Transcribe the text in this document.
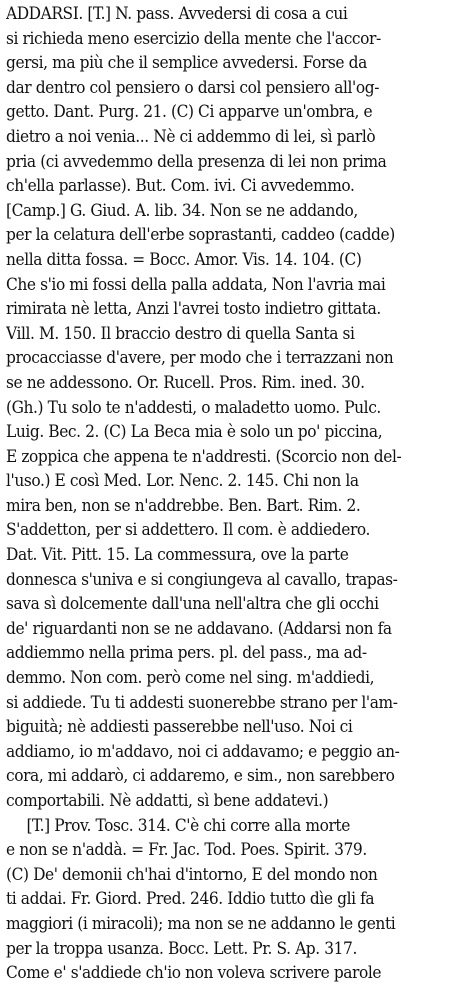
ADDARSI. [T.] N. pass. Avvedersi di cosa a cui
si richieda meno esercizio della mente che l'accor-
gersi, ma più che il semplice avvedersi. Forse da
dar dentro col pensiero o darsi col pensiero all'og-
getto. Dant. Purg. 21. (C) Ci apparve un'ombra, e
dietro a noi venia... Nè ci addemmo di lei, sì parlò
pria (ci avvedemmo della presenza di lei non prima
ch'ella parlasse). But. Com. ivi. Ci avvedemmo.
[Camp.] G. Giud. A. lib. 34. Non se ne addando,
per la celatura dell'erbe soprastanti, caddeo (cadde)
nella ditta fossa. = Bocc. Amor. Vis. 14. 104. (C)
Che s'io mi fossi della palla addata, Non l'avria mai
rimirata nè letta, Anzi l'avrei tosto indietro gittata.
Vill. M. 150. Il braccio destro di quella Santa si
procacciasse d'avere, per modo che i terrazzani non
se ne addessono. Or. Rucell. Pros. Rim. ined. 30.
(Gh.) Tu solo te n'addesti, o maladetto uomo. Pulc.
Luig. Bec. 2. (C) La Beca mia è solo un po' piccina,
E zoppica che appena te n'addresti. (Scorcio non del-
l'uso.) E così Med. Lor. Nenc. 2. 145. Chi non la
mira ben, non se n'addrebbe. Ben. Bart. Rim. 2.
S'addetton, per si addettero. Il com. è addiedero.
Dat. Vit. Pitt. 15. La commessura, ove la parte
donnesca s'univa e si congiungeva al cavallo, trapas-
sava sì dolcemente dall'una nell'altra che gli occhi
de' riguardanti non se ne addavano. (Addarsi non fa
addiemmo nella prima pers. pl. del pass., ma ad-
demmo. Non com. però come nel sing. m'addiedi,
si addiede. Tu ti addesti suonerebbe strano per l'am-
biguità; nè addiesti passerebbe nell'uso. Noi ci
addiamo, io m'addavo, noi ci addavamo; e peggio an-
cora, mi addarò, ci addaremo, e sim., non sarebbero
comportabili. Nè addatti, sì bene addatevi.)
[T.] Prov. Tosc. 314. C'è chi corre alla morte
e non se n'addà. = Fr. Jac. Tod. Poes. Spirit. 379.
(C) De' demonii ch'hai d'intorno, E del mondo non
ti addai. Fr. Giord. Pred. 246. Iddio tutto dìe gli fa
maggiori (i miracoli); ma non se ne addanno le genti
per la troppa usanza. Bocc. Lett. Pr. S. Ap. 317.
Come e' s'addiede ch'io non voleva scrivere parole
